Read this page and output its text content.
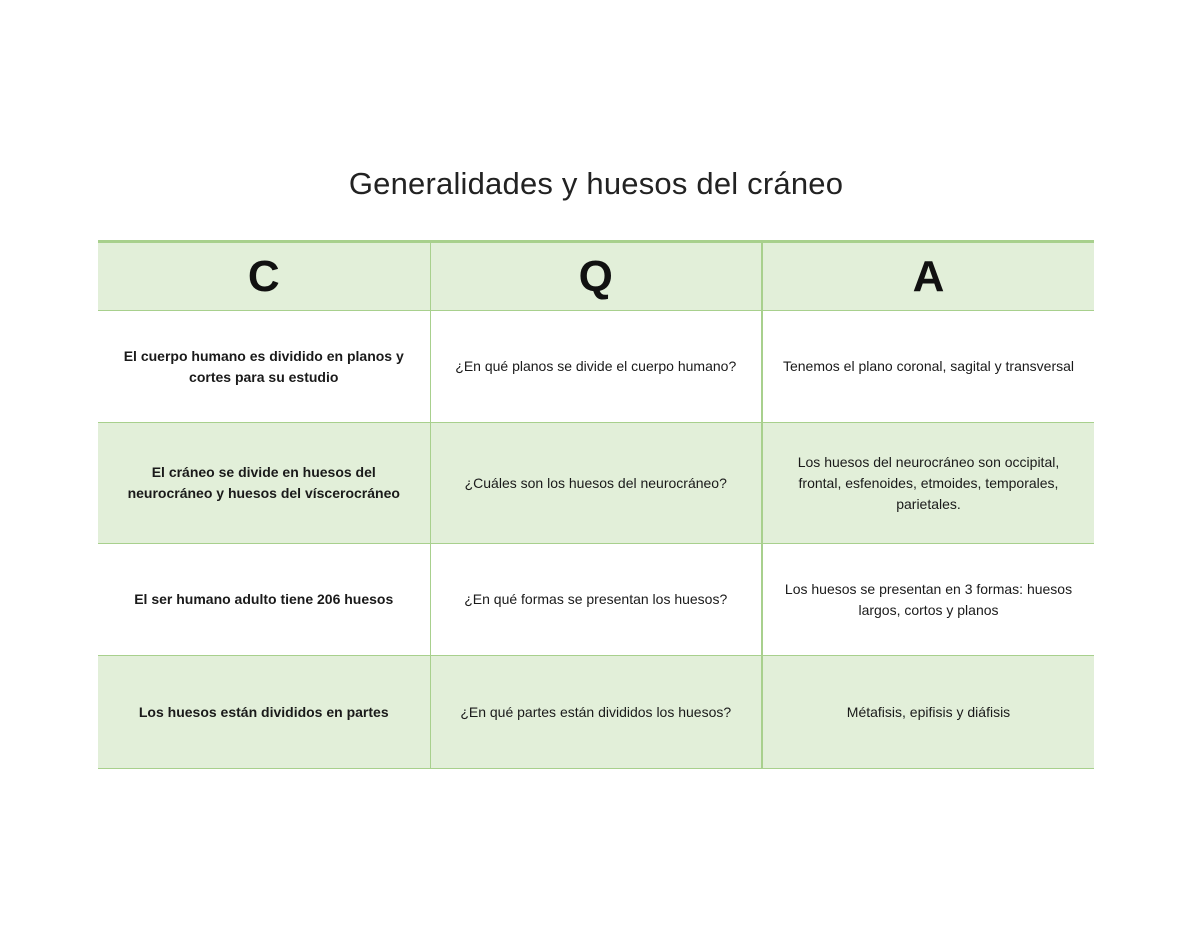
Generalidades y huesos del cráneo
C	Q	A
El cuerpo humano es dividido en planos y cortes para su estudio	¿En qué planos se divide el cuerpo humano?	Tenemos el plano coronal, sagital y transversal
El cráneo se divide en huesos del neurocráneo y huesos del víscerocráneo	¿Cuáles son los huesos del neurocráneo?	Los huesos del neurocráneo son occipital, frontal, esfenoides, etmoides, temporales, parietales.
El ser humano adulto tiene 206 huesos	¿En qué formas se presentan los huesos?	Los huesos se presentan en 3 formas: huesos largos, cortos y planos
Los huesos están divididos en partes	¿En qué partes están divididos los huesos?	Métafisis, epifisis y diáfisis
